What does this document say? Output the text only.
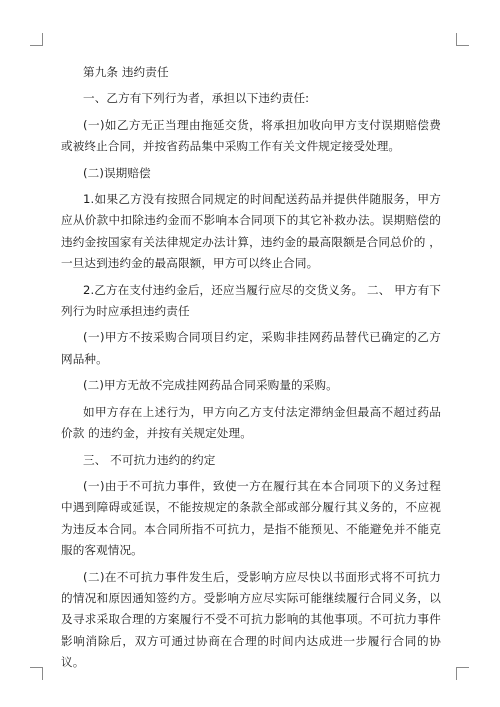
第九条 违约责任

一、乙方有下列行为者，承担以下违约责任:

(一)如乙方无正当理由拖延交货，将承担加收向甲方支付误期赔偿费或被终止合同，并按省药品集中采购工作有关文件规定接受处理。

(二)误期赔偿

1.如果乙方没有按照合同规定的时间配送药品并提供伴随服务，甲方应从价款中扣除违约金而不影响本合同项下的其它补救办法。误期赔偿的违约金按国家有关法律规定办法计算，违约金的最高限额是合同总价的 ，一旦达到违约金的最高限额，甲方可以终止合同。

2.乙方在支付违约金后，还应当履行应尽的交货义务。 二、 甲方有下列行为时应承担违约责任

(一)甲方不按采购合同项目约定，采购非挂网药品替代已确定的乙方网品种。

(二)甲方无故不完成挂网药品合同采购量的采购。

如甲方存在上述行为，甲方向乙方支付法定滞纳金但最高不超过药品价款 的违约金，并按有关规定处理。

三、 不可抗力违约的约定

(一)由于不可抗力事件，致使一方在履行其在本合同项下的义务过程中遇到障碍或延误，不能按规定的条款全部或部分履行其义务的，不应视为违反本合同。本合同所指不可抗力，是指不能预见、不能避免并不能克服的客观情况。

(二)在不可抗力事件发生后，受影响方应尽快以书面形式将不可抗力的情况和原因通知签约方。受影响方应尽实际可能继续履行合同义务，以及寻求采取合理的方案履行不受不可抗力影响的其他事项。不可抗力事件影响消除后，双方可通过协商在合理的时间内达成进一步履行合同的协议。
